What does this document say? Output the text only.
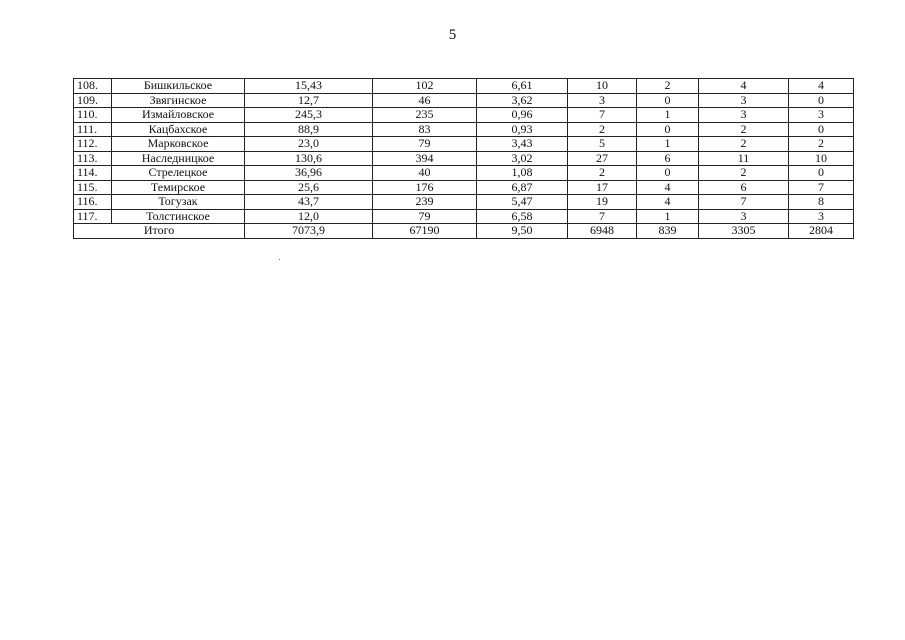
5
108.	Бишкильское	15,43	102	6,61	10	2	4	4
109.	Звягинское	12,7	46	3,62	3	0	3	0
110.	Измайловское	245,3	235	0,96	7	1	3	3
111.	Кацбахское	88,9	83	0,93	2	0	2	0
112.	Марковское	23,0	79	3,43	5	1	2	2
113.	Наследницкое	130,6	394	3,02	27	6	11	10
114.	Стрелецкое	36,96	40	1,08	2	0	2	0
115.	Темирское	25,6	176	6,87	17	4	6	7
116.	Тогузак	43,7	239	5,47	19	4	7	8
117.	Толстинское	12,0	79	6,58	7	1	3	3
Итого		7073,9	67190	9,50	6948	839	3305	2804
